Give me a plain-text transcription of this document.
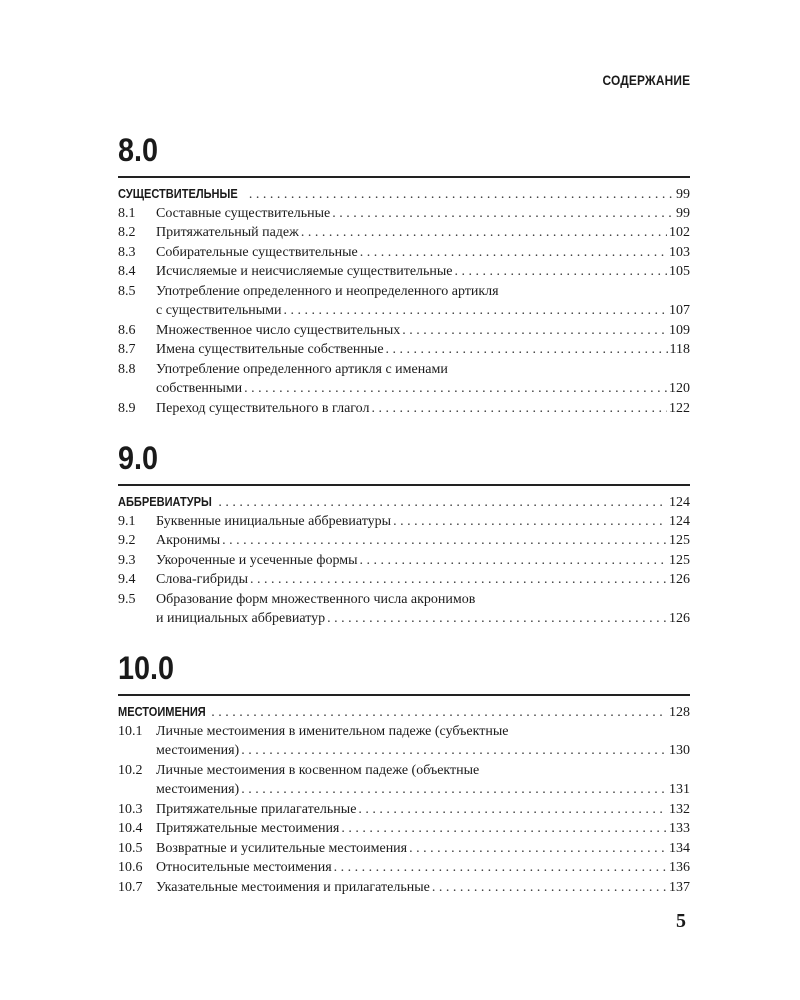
СОДЕРЖАНИЕ
8.0
СУЩЕСТВИТЕЛЬНЫЕ . . .	99
8.1	Составные существительные . . .	99
8.2	Притяжательный падеж . . .	102
8.3	Собирательные существительные . . .	103
8.4	Исчисляемые и неисчисляемые существительные . . .	105
8.5	Употребление определенного и неопределенного артикля
с существительными . . .	107
8.6	Множественное число существительных . . .	109
8.7	Имена существительные собственные . . .	118
8.8	Употребление определенного артикля с именами
собственными . . .	120
8.9	Переход существительного в глагол . . .	122
9.0
АББРЕВИАТУРЫ . . .	124
9.1	Буквенные инициальные аббревиатуры . . .	124
9.2	Акронимы . . .	125
9.3	Укороченные и усеченные формы . . .	125
9.4	Слова-гибриды . . .	126
9.5	Образование форм множественного числа акронимов
и инициальных аббревиатур . . .	126
10.0
МЕСТОИМЕНИЯ . . .	128
10.1 Личные местоимения в именительном падеже (субъектные
местоимения) . . .	130
10.2 Личные местоимения в косвенном падеже (объектные
местоимения) . . .	131
10.3 Притяжательные прилагательные . . .	132
10.4 Притяжательные местоимения . . .	133
10.5 Возвратные и усилительные местоимения . . .	134
10.6 Относительные местоимения . . .	136
10.7 Указательные местоимения и прилагательные . . .	137
5
